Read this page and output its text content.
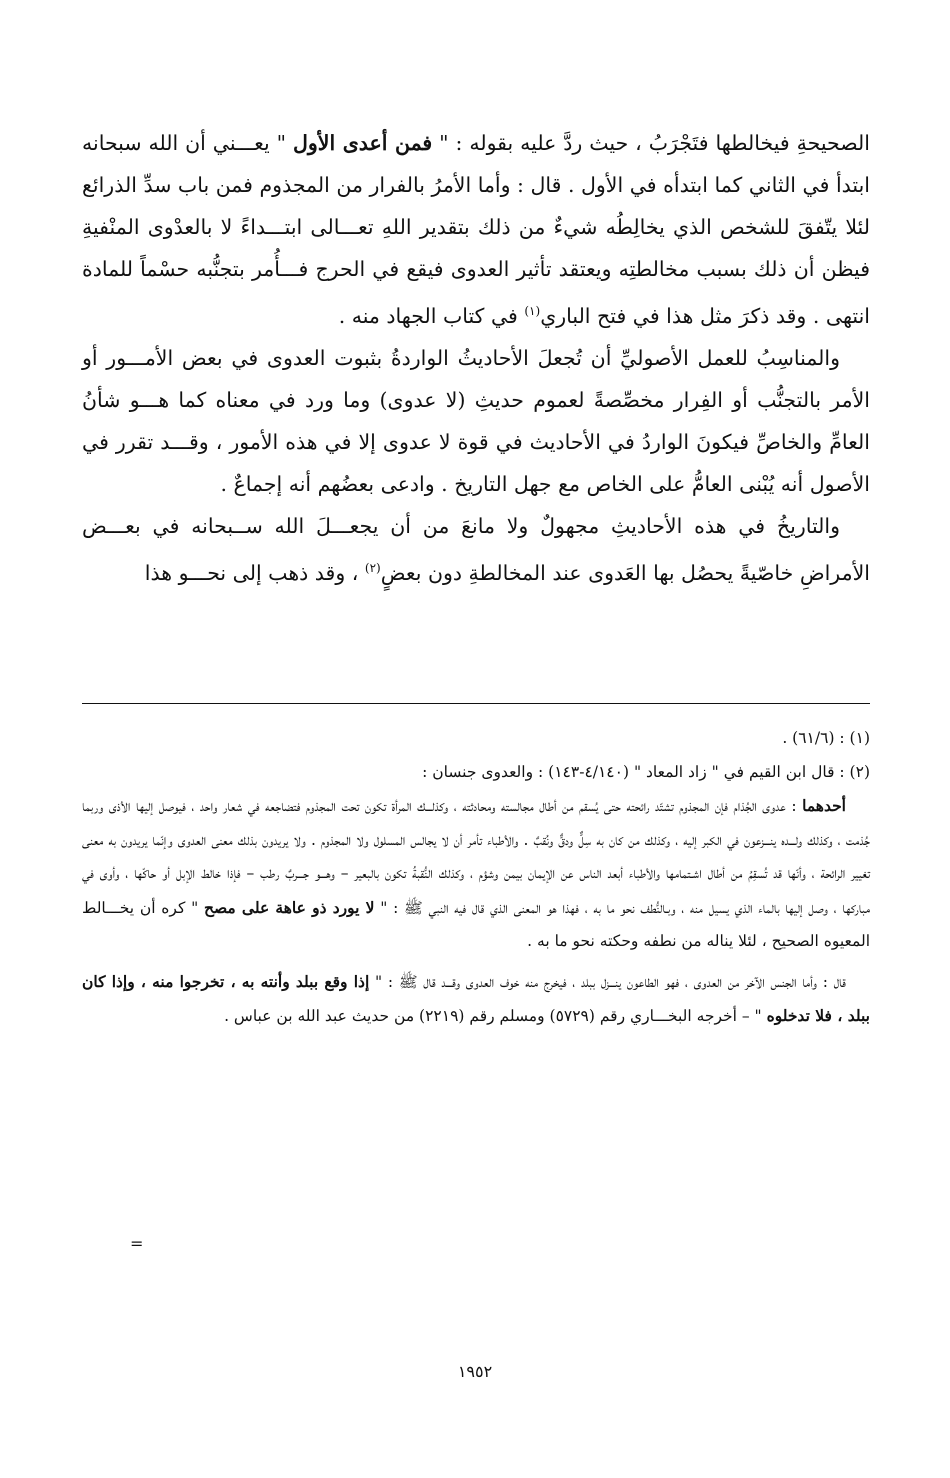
الصحيحةِ فيخالطها فتَجْرَبُ ، حيث ردَّ عليه بقوله : " فمن أعدى الأول " يعـــني أن الله سبحانه ابتدأ في الثاني كما ابتدأه في الأول . قال : وأما الأمرُ بالفرار من المجذوم فمن باب سدِّ الذرائع لئلا يتّفقَ للشخص الذي يخالِطُه شيءٌ من ذلك بتقدير اللهِ تعـــالى ابتـــداءً لا بالعدْوى المنْفيةِ فيظن أن ذلك بسبب مخالطتِه ويعتقد تأثير العدوى فيقع في الحرج فـــأُمر بتجنُّبه حسْماً للمادة انتهى . وقد ذكرَ مثل هذا في فتح الباري$^{(١)}$ في كتاب الجهاد منه .

والمناسِبُ للعمل الأصوليِّ أن تُجعلَ الأحاديثُ الواردةُ بثبوت العدوى في بعض الأمـــور أو الأمر بالتجنُّب أو الفِرار مخصِّصةً لعموم حديثِ (لا عدوى) وما ورد في معناه كما هـــو شأنُ العامِّ والخاصِّ فيكونَ الواردُ في الأحاديث في قوة لا عدوى إلا في هذه الأمور ، وقـــد تقرر في الأصول أنه يُبْنى العامُّ على الخاص مع جهل التاريخ . وادعى بعضُهم أنه إجماعٌ .

والتاريخُ في هذه الأحاديثِ مجهولٌ ولا مانعَ من أن يجعـــلَ الله ســبحانه في بعـــض الأمراضِ خاصّيةً يحصُل بها العَدوى عند المخالطةِ دون بعضٍ$^{(٢)}$ ، وقد ذهب إلى نحـــو هذا

(١) : (٦١/٦) .

(٢) : قال ابن القيم في " زاد المعاد " (٤/١٤٠-١٤٣) : والعدوى جنسان :

أحدهما : عدوى الجُذام فإن المجذوم تشتّد رائحته حتى يُسقم من أطال مجالسته ومحادثته ، وكذلـــك المرأة تكون تحت المجذوم فتضاجعه في شعار واحد ، فيوصل إليها الأذى وربما جُذمت ، وكذلك ولـــده ينـــزعون في الكبر إليه ، وكذلك من كان به سِلٌّ ودقٌّ ونُقبٌ . والأطباء تأمر أن لا يجالس المسلول ولا المجذوم . ولا يريدون بذلك معنى العدوى وإنّما يريدون به معنى تغيير الرائحة ، وأنّها قد تُسقِمُ من أطال اشـتمامها والأطباء أبعد الناس عن الإيمان بيمن وشؤم ، وكذلك النُّقبةُ تكون بالبعير – وهـــو جـــربٌ رطب – فإذا خالط الإبل أو حاكّها ، وأوى في مباركها ، وصل إليها بالماء الذي يسيل منه ، وبـالنُّطف نحو ما به ، فهذا هو المعنى الذي قال فيه النبي ﷺ : " لا يورد ذو عاهة على مصح " كره أن يخـــالط المعيوه الصحيح ، لئلا يناله من نطفه وحكته نحو ما به .

قال : وأما الجنس الآخر من العدوى ، فهو الطاعون ينـــزل ببلد ، فيخرج منه خوف العدوى وقـــد قال ﷺ : " إذا وقع ببلد وأنته به ، تخرجوا منه ، وإذا كان ببلد ، فلا تدخلوه " – أخرجه البخـــاري رقم (٥٧٢٩) ومسلم رقم (٢٢١٩) من حديث عبد الله بن عباس .

=
١٩٥٢
